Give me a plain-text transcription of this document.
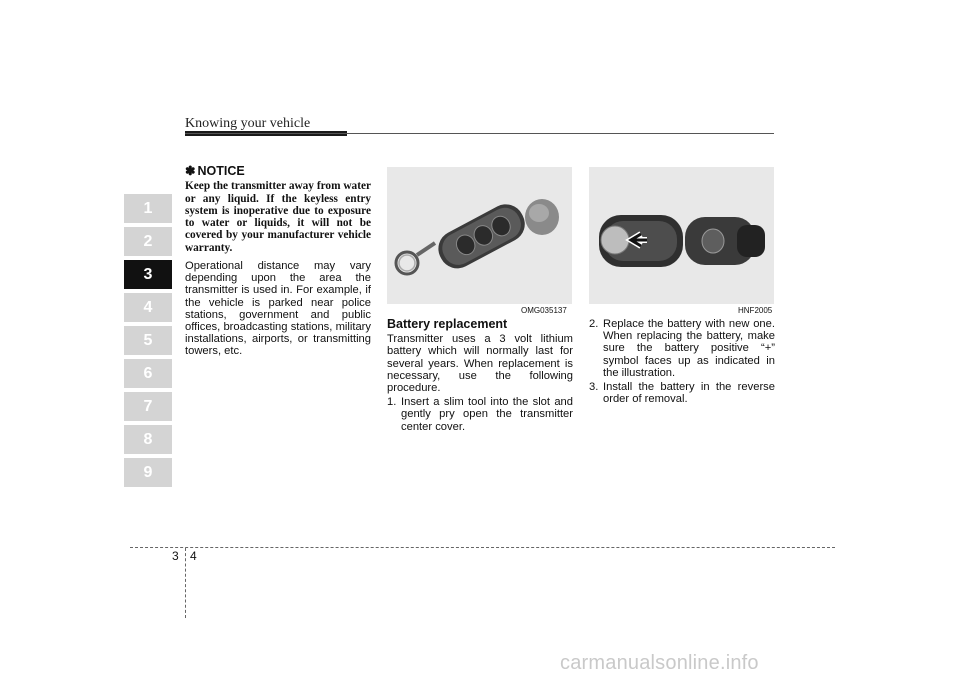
Knowing your vehicle
1
2
3
4
5
6
7
8
9
✽ NOTICE

Keep the transmitter away from water or any liquid. If the keyless entry system is inoperative due to exposure to water or liquids, it will not be covered by your manufacturer vehicle warranty.

Operational distance may vary depending upon the area the transmitter is used in. For example, if the vehicle is parked near police stations, government and public offices, broadcasting stations, military installations, airports, or transmitting towers, etc.

OMG035137	HNF2005
Battery replacement

Transmitter uses a 3 volt lithium battery which will normally last for several years. When replacement is necessary, use the following procedure.

1. Insert a slim tool into the slot and gently pry open the transmitter center cover.
2. Replace the battery with new one. When replacing the battery, make sure the battery positive “+” symbol faces up as indicated in the illustration.
3. Install the battery in the reverse order of removal.
3 4
carmanualsonline.info
